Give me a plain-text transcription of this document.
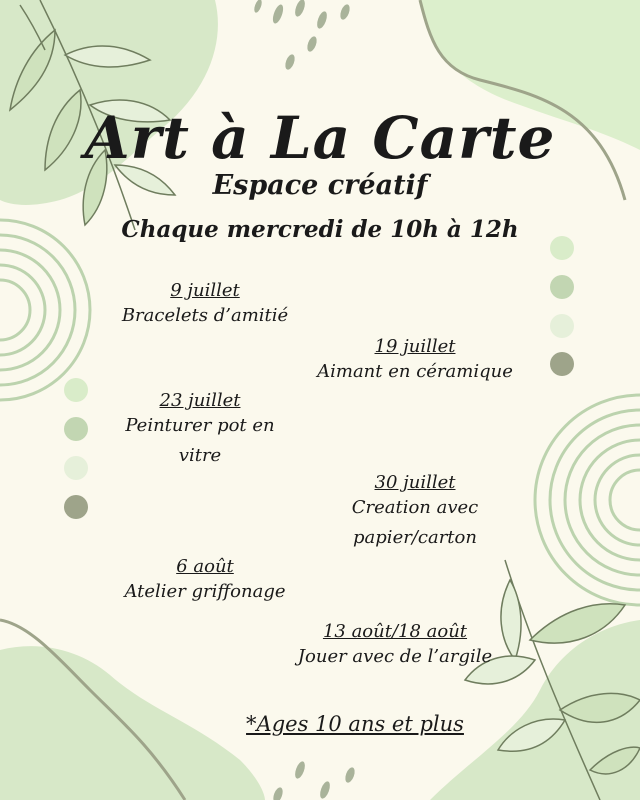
Art à La Carte
Espace créatif
Chaque mercredi de 10h à 12h
9 juillet
Bracelets d’amitié
19 juillet
Aimant en céramique
23 juillet
Peinturer pot en
vitre
30 juillet
Creation avec
papier/carton
6 août
Atelier griffonage
13 août/18 août
Jouer avec de l’argile
*Ages 10 ans et plus
